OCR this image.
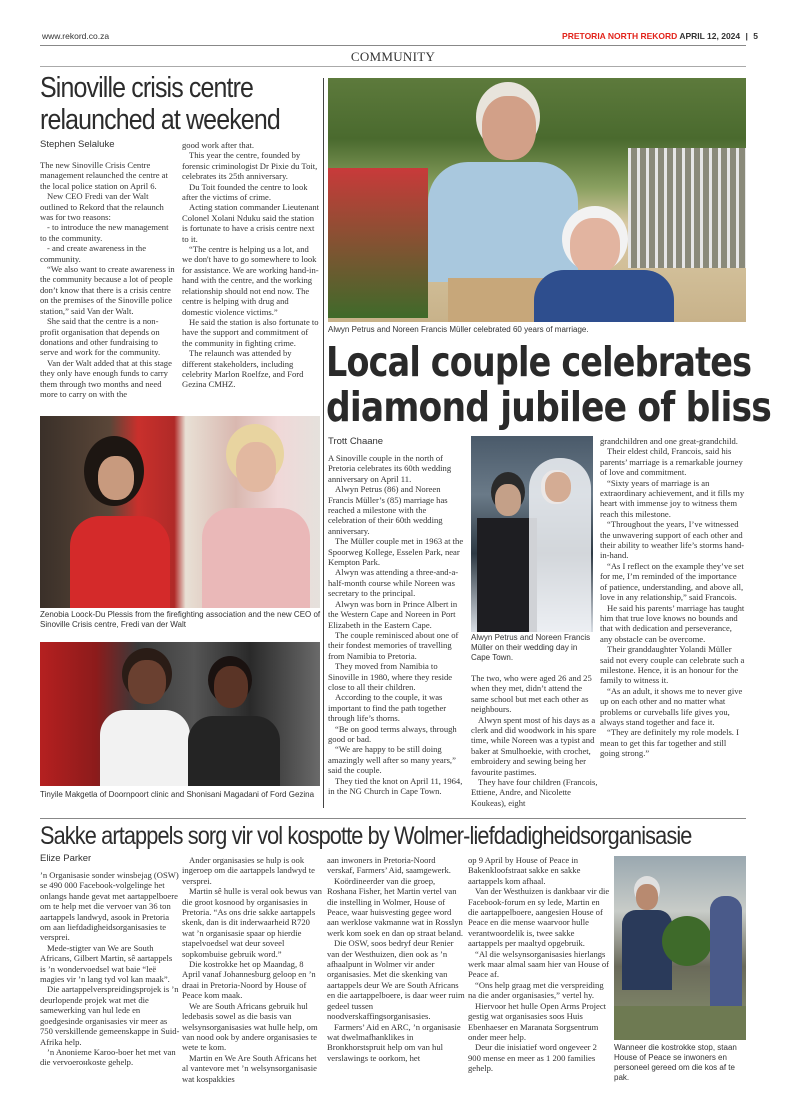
www.rekord.co.za	PRETORIA NORTH REKORD APRIL 12, 2024 | 5
COMMUNITY
Sinoville crisis centre
relaunched at weekend
Stephen Selaluke

The new Sinoville Crisis Centre management relaunched the centre at the local police station on April 6.

New CEO Fredi van der Walt outlined to Rekord that the relaunch was for two reasons:

- to introduce the new management to the community.

- and create awareness in the community.

“We also want to create awareness in the community because a lot of people don’t know that there is a crisis centre on the premises of the Sinoville police station,” said Van der Walt.

She said that the centre is a non-profit organisation that depends on donations and other fundraising to serve and work for the community.

Van der Walt added that at this stage they only have enough funds to carry them through two months and need more to carry on with the

good work after that.

This year the centre, founded by forensic criminologist Dr Pixie du Toit, celebrates its 25th anniversary.

Du Toit founded the centre to look after the victims of crime.

Acting station commander Lieutenant Colonel Xolani Nduku said the station is fortunate to have a crisis centre next to it.

“The centre is helping us a lot, and we don't have to go somewhere to look for assistance. We are working hand-in-hand with the centre, and the working relationship should not end now. The centre is helping with drug and domestic violence victims.”

He said the station is also fortunate to have the support and commitment of the community in fighting crime.

The relaunch was attended by different stakeholders, including celebrity Marlon Roelfze, and Ford Gezina CMHZ.

Zenobia Loock-Du Plessis from the firefighting association and the new CEO of Sinoville Crisis centre, Fredi van der Walt
Tinyile Makgetla of Doornpoort clinic and Shonisani Magadani of Ford Gezina
Alwyn Petrus and Noreen Francis Müller celebrated 60 years of marriage.
Local couple celebrates
diamond jubilee of bliss
Trott Chaane

A Sinoville couple in the north of Pretoria celebrates its 60th wedding anniversary on April 11.

Alwyn Petrus (86) and Noreen Francis Müller’s (85) marriage has reached a milestone with the celebration of their 60th wedding anniversary.

The Müller couple met in 1963 at the Spoorweg Kollege, Esselen Park, near Kempton Park.

Alwyn was attending a three-and-a-half-month course while Noreen was secretary to the principal.

Alwyn was born in Prince Albert in the Western Cape and Noreen in Port Elizabeth in the Eastern Cape.

The couple reminisced about one of their fondest memories of travelling from Namibia to Pretoria.

They moved from Namibia to Sinoville in 1980, where they reside close to all their children.

According to the couple, it was important to find the path together through life’s thorns.

“Be on good terms always, through good or bad.

“We are happy to be still doing amazingly well after so many years,” said the couple.

They tied the knot on April 11, 1964, in the NG Church in Cape Town.

Alwyn Petrus and Noreen Francis Müller on their wedding day in Cape Town.

The two, who were aged 26 and 25 when they met, didn’t attend the same school but met each other as neighbours.

Alwyn spent most of his days as a clerk and did woodwork in his spare time, while Noreen was a typist and baker at Smulhoekie, with crochet, embroidery and sewing being her favourite pastimes.

They have four children (Francois, Ettiene, Andre, and Nicolette Koukeas), eight

grandchildren and one great-grandchild.

Their eldest child, Francois, said his parents’ marriage is a remarkable journey of love and commitment.

“Sixty years of marriage is an extraordinary achievement, and it fills my heart with immense joy to witness them reach this milestone.

“Throughout the years, I’ve witnessed the unwavering support of each other and their ability to weather life’s storms hand-in-hand.

“As I reflect on the example they’ve set for me, I’m reminded of the importance of patience, understanding, and above all, love in any relationship,” said Francois.

He said his parents’ marriage has taught him that true love knows no bounds and that with dedication and perseverance, any obstacle can be overcome.

Their granddaughter Yolandi Müller said not every couple can celebrate such a milestone. Hence, it is an honour for the family to witness it.

“As an adult, it shows me to never give up on each other and no matter what problems or curveballs life gives you, always stand together and face it.

“They are definitely my role models. I mean to get this far together and still going strong.”

Sakke artappels sorg vir vol kospotte by Wolmer-liefdadigheidsorganisasie
Elize Parker

’n Organisasie sonder winsbejag (OSW) se 490 000 Facebook-volgelinge het onlangs hande gevat met aartappelboere om te help met die vervoer van 36 ton aartappels landwyd, asook in Pretoria om aan liefdadigheidsorganisasies te versprei.

Mede-stigter van We are South Africans, Gilbert Martin, sê aartappels is ’n wondervoedsel wat baie “leë magies vir ’n lang tyd vol kan maak”.

Die aartappelverspreidingsprojek is ’n deurlopende projek wat met die samewerking van hul lede en goedgesinde organisasies vir meer as 750 verskillende gemeenskappe in Suid-Afrika help.

’n Anonieme Karoo-boer het met van die vervoerонkoste gehelp.

Ander organisasies se hulp is ook ingeroep om die aartappels landwyd te versprei.

Martin sê hulle is veral ook bewus van die groot kosnood by organisasies in Pretoria. “As ons drie sakke aartappels skenk, dan is dit inderwaarheid R720 wat ’n organisasie spaar op hierdie stapelvoedsel wat deur soveel sopkombuise gebruik word.”

Die kostrokke het op Maandag, 8 April vanaf Johannesburg geloop en ’n draai in Pretoria-Noord by House of Peace kom maak.

We are South Africans gebruik hul ledebasis sowel as die basis van welsynsorganisasies wat hulle help, om van nood ook by andere organisasies te wete te kom.

Martin en We Are South Africans het al vantevore met ’n welsynsorganisasie wat kospakkies

aan inwoners in Pretoria-Noord verskaf, Farmers’ Aid, saamgewerk.

Koördineerder van die groep, Roshana Fisher, het Martin vertel van die instelling in Wolmer, House of Peace, waar huisvesting gegee word aan werklose vakmanne wat in Rosslyn werk kom soek en dan op straat beland.

Die OSW, soos bedryf deur Renier van der Westhuizen, dien ook as ’n afhaalpunt in Wolmer vir ander organisasies. Met die skenking van aartappels deur We are South Africans en die aartappelboere, is daar weer ruim gedeel tussen noodverskaffingsorganisasies.

Farmers’ Aid en ARC, ’n organisasie wat dwelmafhanklikes in Bronkhorstspruit help om van hul verslawings te oorkom, het

op 9 April by House of Peace in Bakenkloofstraat sakke en sakke aartappels kom afhaal.

Van der Westhuizen is dankbaar vir die Facebook-forum en sy lede, Martin en die aartappelboere, aangesien House of Peace en die mense waarvoor hulle verantwoordelik is, twee sakke aartappels per maaltyd opgebruik.

“Al die welsynsorganisasies hierlangs werk maar almal saam hier van House of Peace af.

“Ons help graag met die verspreiding na die ander organisasies,” vertel hy.

Hiervoor het hulle Open Arms Project gestig wat organisasies soos Huis Ebenhaeser en Maranata Sorgsentrum onder meer help.

Deur die inisiatief word ongeveer 2 900 mense en meer as 1 200 families gehelp.

Wanneer die kostrokke stop, staan House of Peace se inwoners en personeel gereed om die kos af te pak.
